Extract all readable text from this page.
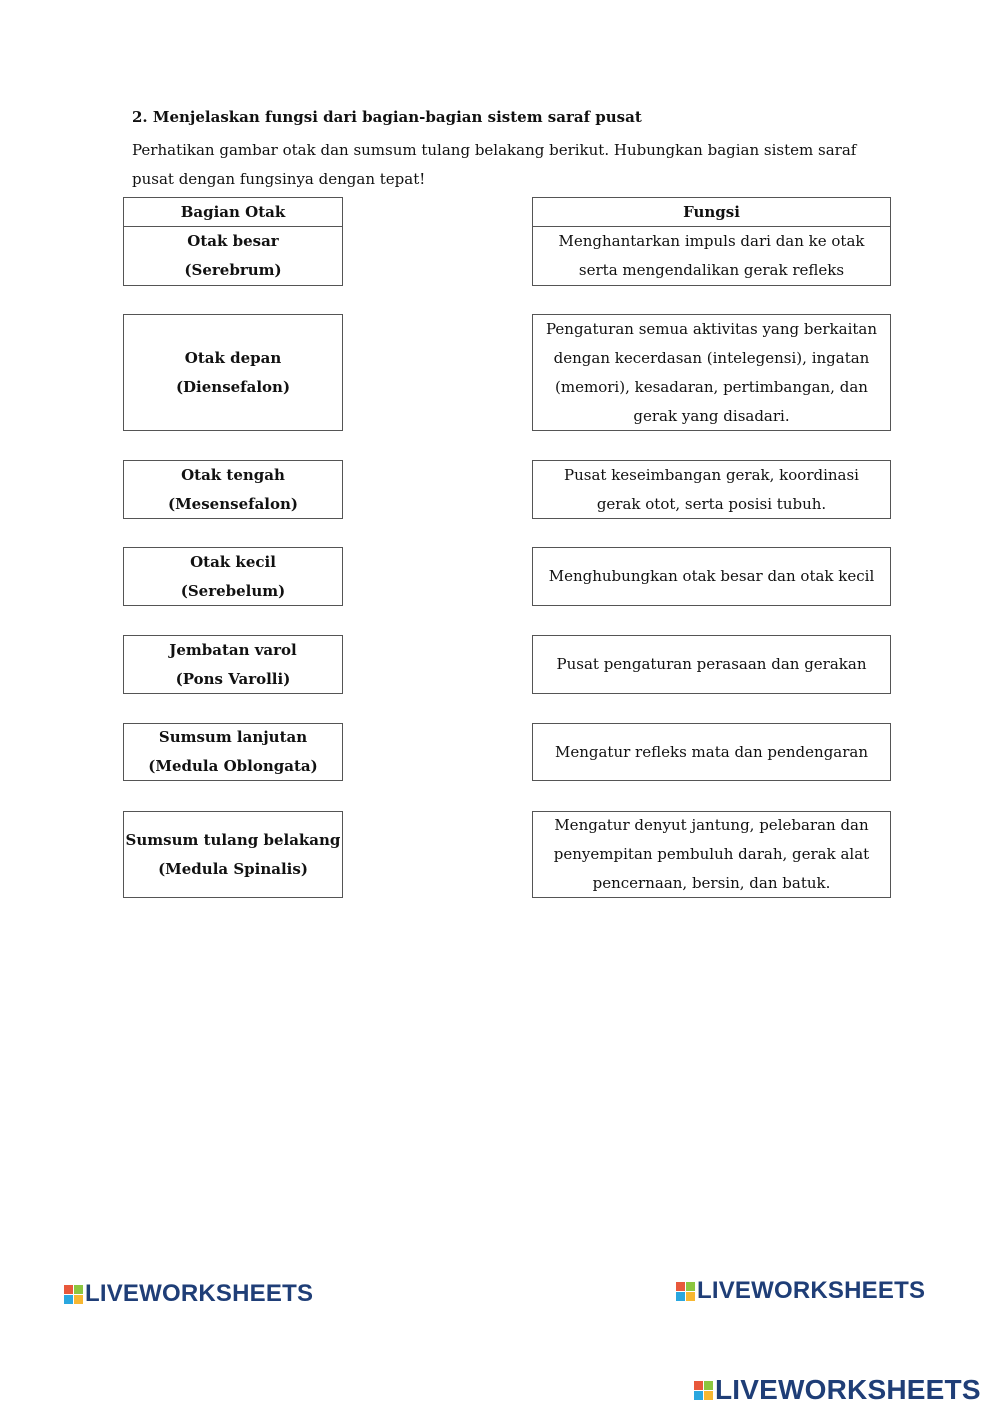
2. Menjelaskan fungsi dari bagian-bagian sistem saraf pusat
Perhatikan gambar otak dan sumsum tulang belakang berikut. Hubungkan bagian sistem saraf pusat dengan fungsinya dengan tepat!
Bagian Otak	Fungsi
Otak besar
(Serebrum)
Otak depan
(Diensefalon)
Otak tengah
(Mesensefalon)
Otak kecil
(Serebelum)
Jembatan varol
(Pons Varolli)
Sumsum lanjutan
(Medula Oblongata)
Sumsum tulang belakang
(Medula Spinalis)
Menghantarkan impuls dari dan ke otak serta mengendalikan gerak refleks
Pengaturan semua aktivitas yang berkaitan dengan kecerdasan (intelegensi), ingatan (memori), kesadaran, pertimbangan, dan gerak yang disadari.
Pusat keseimbangan gerak, koordinasi gerak otot, serta posisi tubuh.
Menghubungkan otak besar dan otak kecil
Pusat pengaturan perasaan dan gerakan
Mengatur refleks mata dan pendengaran
Mengatur denyut jantung, pelebaran dan penyempitan pembuluh darah, gerak alat pencernaan, bersin, dan batuk.
LIVEWORKSHEETS	LIVEWORKSHEETS
LIVEWORKSHEETS
